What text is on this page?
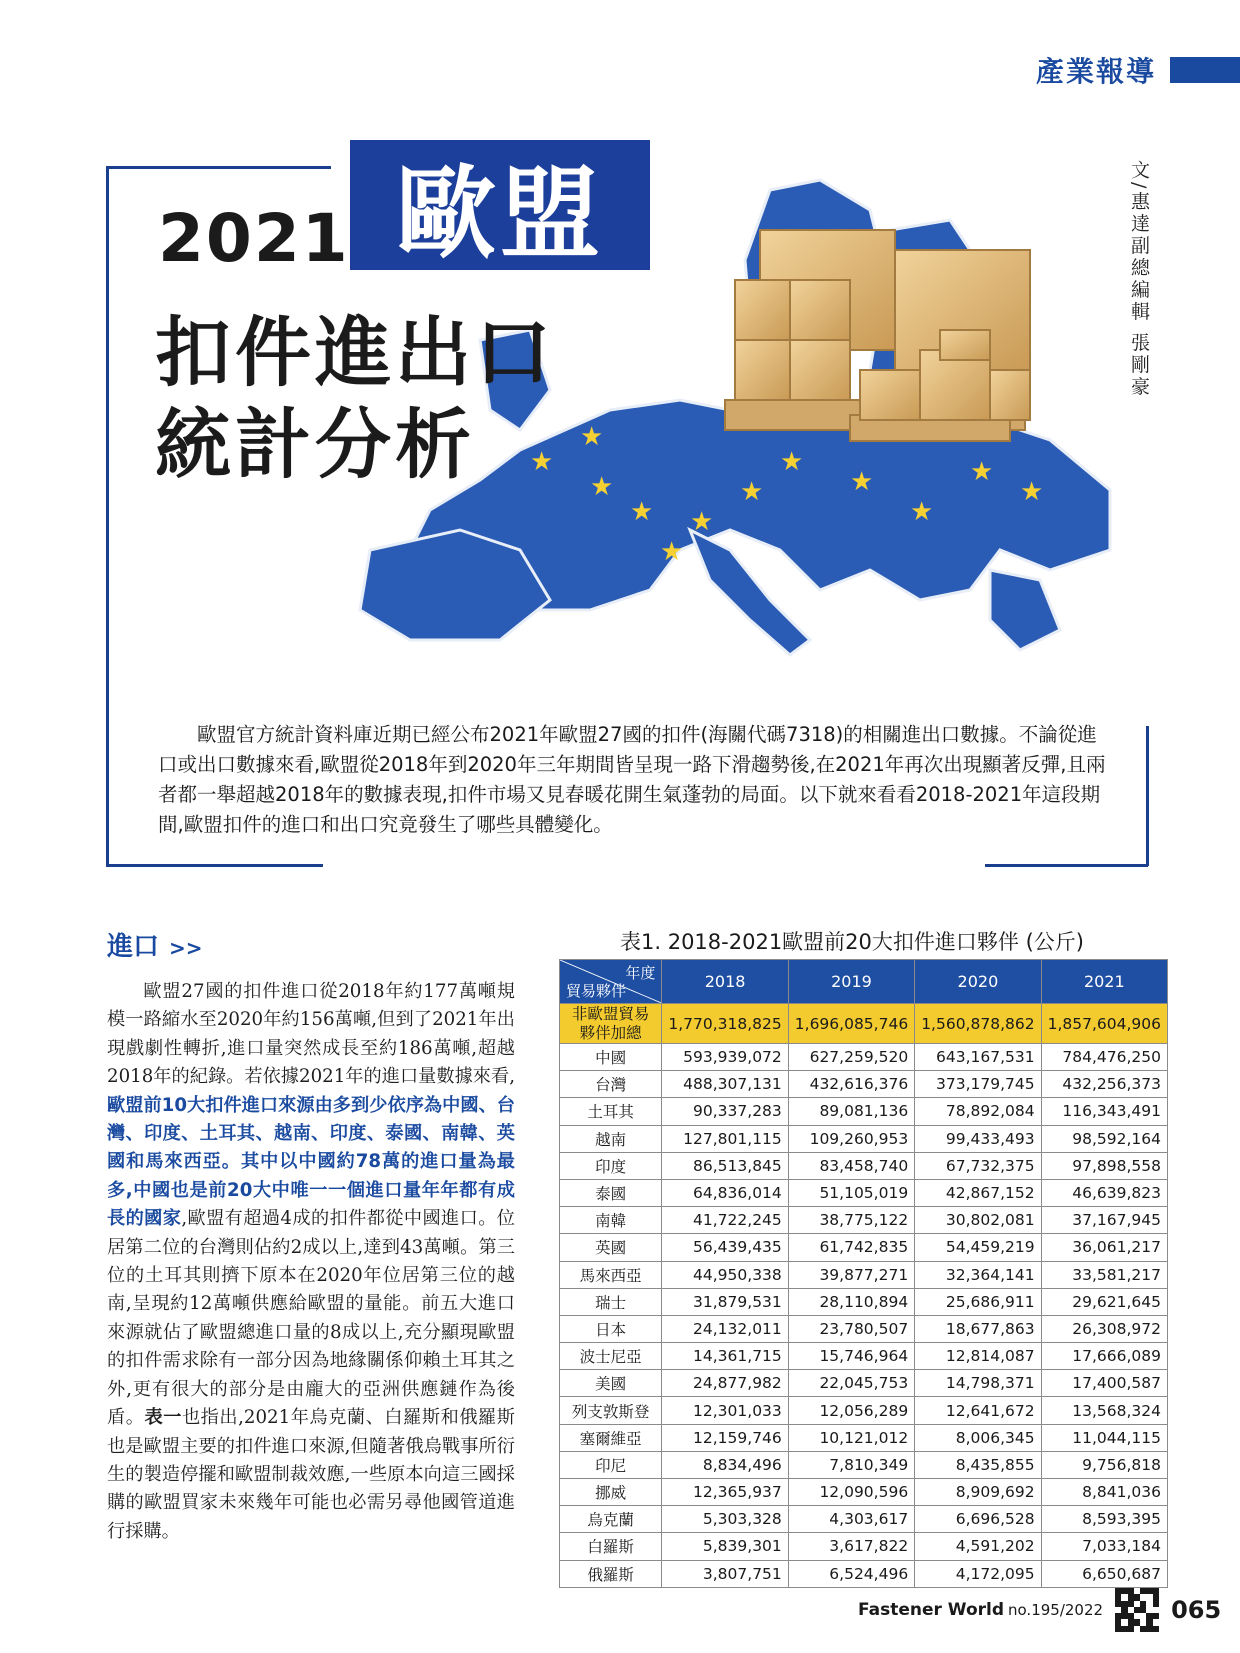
產業報導
★
★
★ ★
★
★
★
★
★
★
★
★
歐盟
2021
扣件進出口
統計分析
文/惠達副總編輯 張剛豪

歐盟官方統計資料庫近期已經公布2021年歐盟27國的扣件(海關代碼7318)的相關進出口數據。不論從進口或出口數據來看,歐盟從2018年到2020年三年期間皆呈現一路下滑趨勢後,在2021年再次出現顯著反彈,且兩者都一舉超越2018年的數據表現,扣件市場又見春暖花開生氣蓬勃的局面。以下就來看看2018-2021年這段期間,歐盟扣件的進口和出口究竟發生了哪些具體變化。

進口 >>
歐盟27國的扣件進口從2018年約177萬噸規模一路縮水至2020年約156萬噸,但到了2021年出現戲劇性轉折,進口量突然成長至約186萬噸,超越2018年的紀錄。若依據2021年的進口量數據來看,歐盟前10大扣件進口來源由多到少依序為中國、台灣、印度、土耳其、越南、印度、泰國、南韓、英國和馬來西亞。其中以中國約78萬的進口量為最多,中國也是前20大中唯一一個進口量年年都有成長的國家,歐盟有超過4成的扣件都從中國進口。位居第二位的台灣則佔約2成以上,達到43萬噸。第三位的土耳其則擠下原本在2020年位居第三位的越南,呈現約12萬噸供應給歐盟的量能。前五大進口來源就佔了歐盟總進口量的8成以上,充分顯現歐盟的扣件需求除有一部分因為地緣關係仰賴土耳其之外,更有很大的部分是由龐大的亞洲供應鏈作為後盾。表一也指出,2021年烏克蘭、白羅斯和俄羅斯也是歐盟主要的扣件進口來源,但隨著俄烏戰事所衍生的製造停擺和歐盟制裁效應,一些原本向這三國採購的歐盟買家未來幾年可能也必需另尋他國管道進行採購。
表1. 2018-2021歐盟前20大扣件進口夥伴 (公斤)
年度
貿易夥伴	2018	2019	2020	2021
非歐盟貿易
夥伴加總	1,770,318,825	1,696,085,746	1,560,878,862	1,857,604,906
中國	593,939,072	627,259,520	643,167,531	784,476,250
台灣	488,307,131	432,616,376	373,179,745	432,256,373
土耳其	90,337,283	89,081,136	78,892,084	116,343,491
越南	127,801,115	109,260,953	99,433,493	98,592,164
印度	86,513,845	83,458,740	67,732,375	97,898,558
泰國	64,836,014	51,105,019	42,867,152	46,639,823
南韓	41,722,245	38,775,122	30,802,081	37,167,945
英國	56,439,435	61,742,835	54,459,219	36,061,217
馬來西亞	44,950,338	39,877,271	32,364,141	33,581,217
瑞士	31,879,531	28,110,894	25,686,911	29,621,645
日本	24,132,011	23,780,507	18,677,863	26,308,972
波士尼亞	14,361,715	15,746,964	12,814,087	17,666,089
美國	24,877,982	22,045,753	14,798,371	17,400,587
列支敦斯登	12,301,033	12,056,289	12,641,672	13,568,324
塞爾維亞	12,159,746	10,121,012	8,006,345	11,044,115
印尼	8,834,496	7,810,349	8,435,855	9,756,818
挪威	12,365,937	12,090,596	8,909,692	8,841,036
烏克蘭	5,303,328	4,303,617	6,696,528	8,593,395
白羅斯	5,839,301	3,617,822	4,591,202	7,033,184
俄羅斯	3,807,751	6,524,496	4,172,095	6,650,687
Fastener World no.195/2022	065
